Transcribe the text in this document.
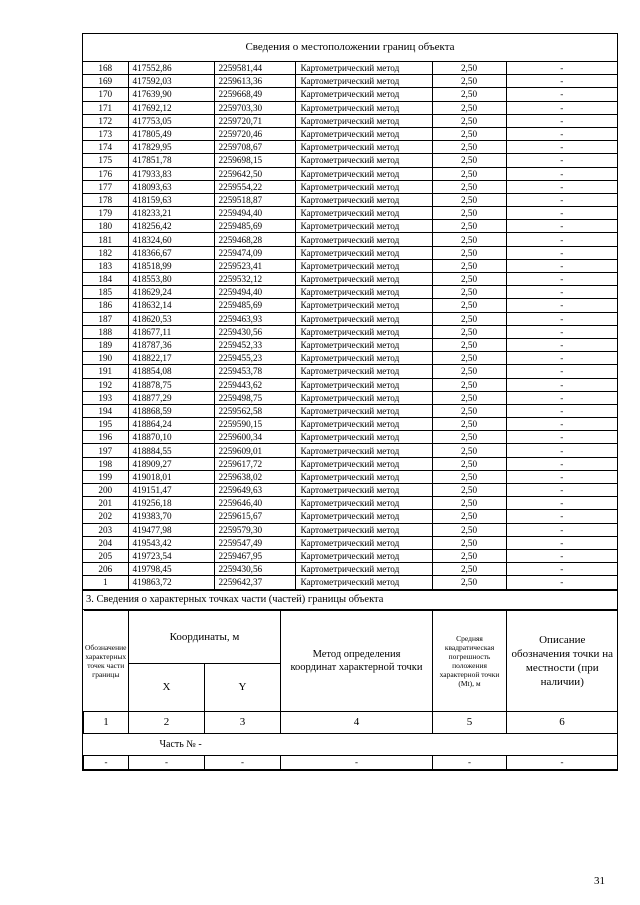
Сведения о местоположении границ объекта
168	417552,86	2259581,44	Картометрический метод	2,50	-
169	417592,03	2259613,36	Картометрический метод	2,50	-
170	417639,90	2259668,49	Картометрический метод	2,50	-
171	417692,12	2259703,30	Картометрический метод	2,50	-
172	417753,05	2259720,71	Картометрический метод	2,50	-
173	417805,49	2259720,46	Картометрический метод	2,50	-
174	417829,95	2259708,67	Картометрический метод	2,50	-
175	417851,78	2259698,15	Картометрический метод	2,50	-
176	417933,83	2259642,50	Картометрический метод	2,50	-
177	418093,63	2259554,22	Картометрический метод	2,50	-
178	418159,63	2259518,87	Картометрический метод	2,50	-
179	418233,21	2259494,40	Картометрический метод	2,50	-
180	418256,42	2259485,69	Картометрический метод	2,50	-
181	418324,60	2259468,28	Картометрический метод	2,50	-
182	418366,67	2259474,09	Картометрический метод	2,50	-
183	418518,99	2259523,41	Картометрический метод	2,50	-
184	418553,80	2259532,12	Картометрический метод	2,50	-
185	418629,24	2259494,40	Картометрический метод	2,50	-
186	418632,14	2259485,69	Картометрический метод	2,50	-
187	418620,53	2259463,93	Картометрический метод	2,50	-
188	418677,11	2259430,56	Картометрический метод	2,50	-
189	418787,36	2259452,33	Картометрический метод	2,50	-
190	418822,17	2259455,23	Картометрический метод	2,50	-
191	418854,08	2259453,78	Картометрический метод	2,50	-
192	418878,75	2259443,62	Картометрический метод	2,50	-
193	418877,29	2259498,75	Картометрический метод	2,50	-
194	418868,59	2259562,58	Картометрический метод	2,50	-
195	418864,24	2259590,15	Картометрический метод	2,50	-
196	418870,10	2259600,34	Картометрический метод	2,50	-
197	418884,55	2259609,01	Картометрический метод	2,50	-
198	418909,27	2259617,72	Картометрический метод	2,50	-
199	419018,01	2259638,02	Картометрический метод	2,50	-
200	419151,47	2259649,63	Картометрический метод	2,50	-
201	419256,18	2259646,40	Картометрический метод	2,50	-
202	419383,70	2259615,67	Картометрический метод	2,50	-
203	419477,98	2259579,30	Картометрический метод	2,50	-
204	419543,42	2259547,49	Картометрический метод	2,50	-
205	419723,54	2259467,95	Картометрический метод	2,50	-
206	419798,45	2259430,56	Картометрический метод	2,50	-
1	419863,72	2259642,37	Картометрический метод	2,50	-
3. Сведения о характерных точках части (частей) границы объекта
Обозначение характерных точек части границы	Координаты, м		Метод определения координат характерной точки	Средняя квадратическая погрешность положения характерной точки (Mt), м	Описание обозначения точки на местности (при наличии)
	X	Y			
1	2	3	4	5	6
Часть № -					
-	-	-	-	-	-
31
